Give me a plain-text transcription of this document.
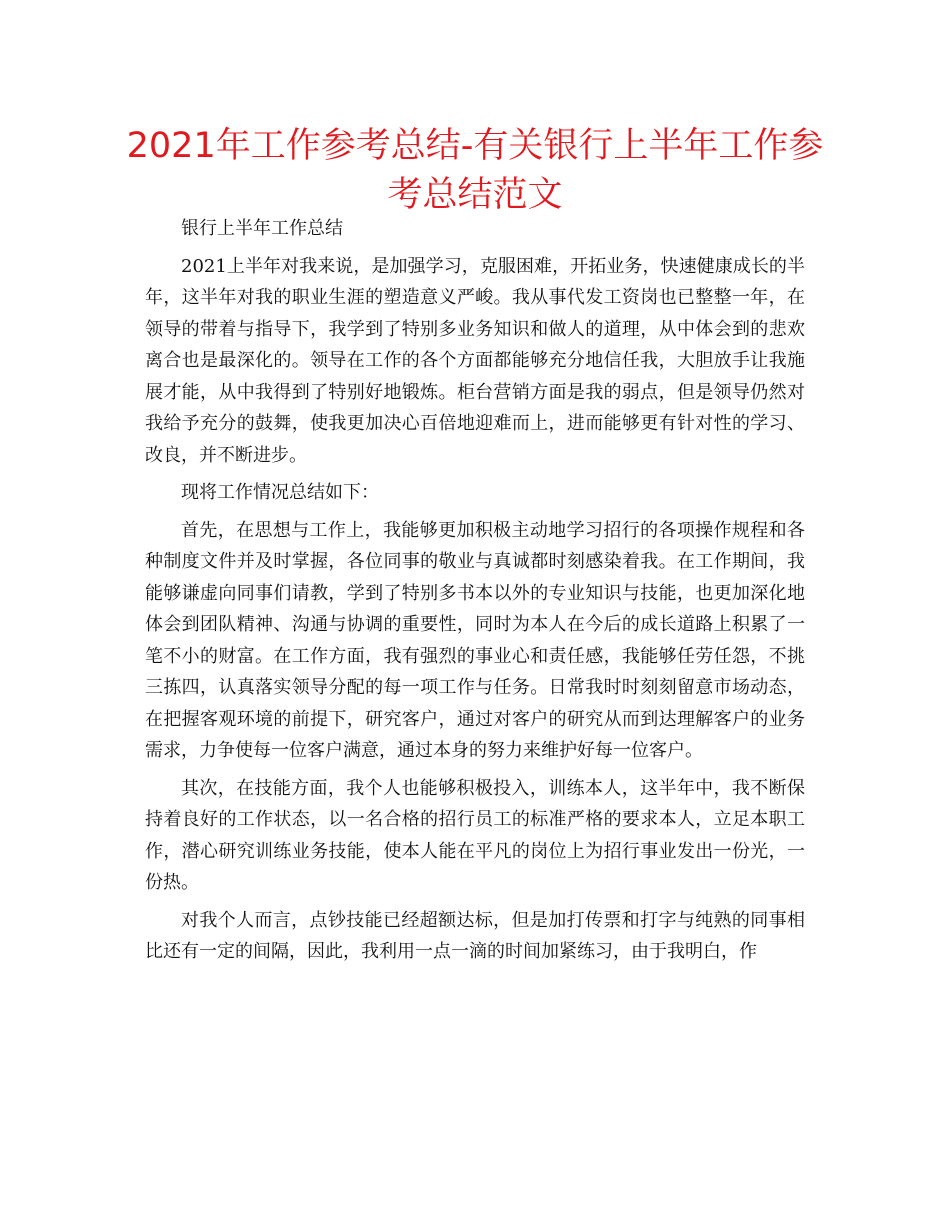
2021年工作参考总结-有关银行上半年工作参考总结范文

银行上半年工作总结

2021上半年对我来说，是加强学习，克服困难，开拓业务，快速健康成长的半年，这半年对我的职业生涯的塑造意义严峻。我从事代发工资岗也已整整一年，在领导的带着与指导下，我学到了特别多业务知识和做人的道理，从中体会到的悲欢离合也是最深化的。领导在工作的各个方面都能够充分地信任我，大胆放手让我施展才能，从中我得到了特别好地锻炼。柜台营销方面是我的弱点，但是领导仍然对我给予充分的鼓舞，使我更加决心百倍地迎难而上，进而能够更有针对性的学习、改良，并不断进步。

现将工作情况总结如下：

首先，在思想与工作上，我能够更加积极主动地学习招行的各项操作规程和各种制度文件并及时掌握，各位同事的敬业与真诚都时刻感染着我。在工作期间，我能够谦虚向同事们请教，学到了特别多书本以外的专业知识与技能，也更加深化地体会到团队精神、沟通与协调的重要性，同时为本人在今后的成长道路上积累了一笔不小的财富。在工作方面，我有强烈的事业心和责任感，我能够任劳任怨，不挑三拣四，认真落实领导分配的每一项工作与任务。日常我时时刻刻留意市场动态，在把握客观环境的前提下，研究客户，通过对客户的研究从而到达理解客户的业务需求，力争使每一位客户满意，通过本身的努力来维护好每一位客户。

其次，在技能方面，我个人也能够积极投入，训练本人，这半年中，我不断保持着良好的工作状态，以一名合格的招行员工的标准严格的要求本人，立足本职工作，潜心研究训练业务技能，使本人能在平凡的岗位上为招行事业发出一份光，一份热。

对我个人而言，点钞技能已经超额达标，但是加打传票和打字与纯熟的同事相比还有一定的间隔，因此，我利用一点一滴的时间加紧练习，由于我明白，作
